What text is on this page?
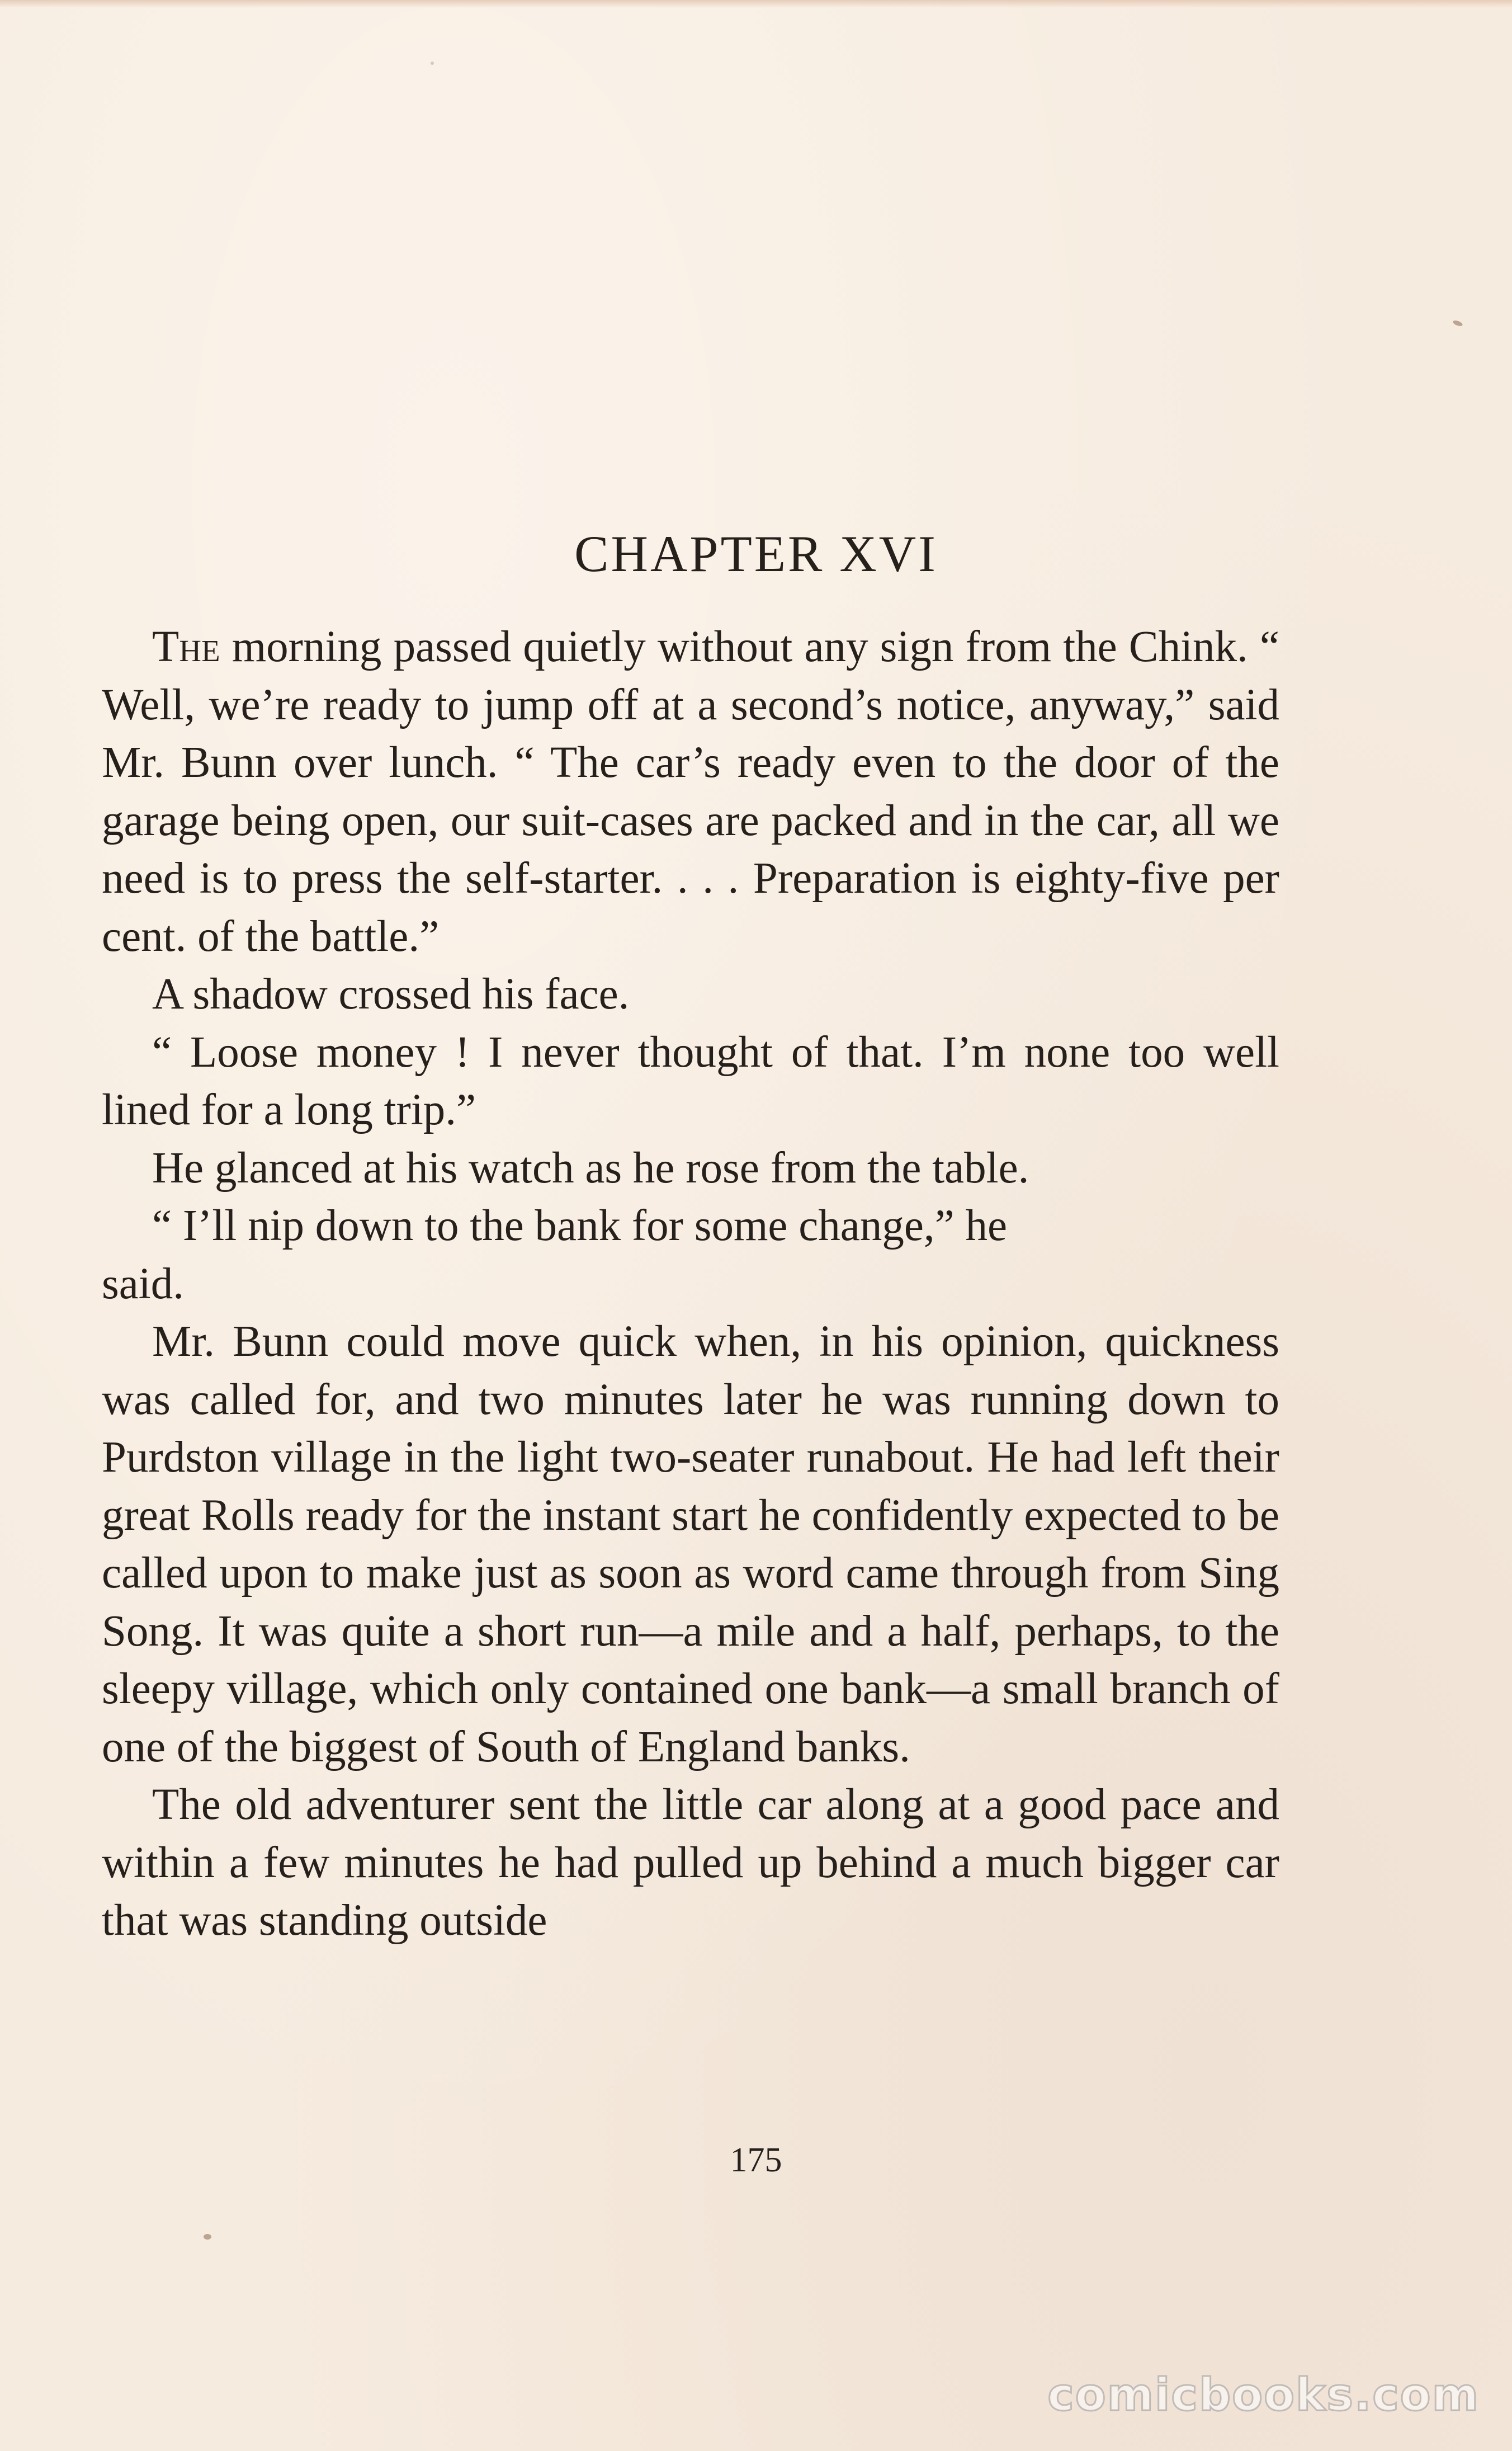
CHAPTER XVI

The morning passed quietly without any sign from the Chink. “ Well, we’re ready to jump off at a second’s notice, anyway,” said Mr. Bunn over lunch. “ The car’s ready even to the door of the garage being open, our suit-cases are packed and in the car, all we need is to press the self-starter. . . . Preparation is eighty-five per cent. of the battle.”

A shadow crossed his face.

“ Loose money ! I never thought of that. I’m none too well lined for a long trip.”

He glanced at his watch as he rose from the table.

“ I’ll nip down to the bank for some change,” he

said.

Mr. Bunn could move quick when, in his opinion, quickness was called for, and two minutes later he was running down to Purdston village in the light two-seater runabout. He had left their great Rolls ready for the instant start he confidently expected to be called upon to make just as soon as word came through from Sing Song. It was quite a short run—a mile and a half, perhaps, to the sleepy village, which only contained one bank—a small branch of one of the biggest of South of England banks.

The old adventurer sent the little car along at a good pace and within a few minutes he had pulled up behind a much bigger car that was standing outside

175
comicbooks.com
